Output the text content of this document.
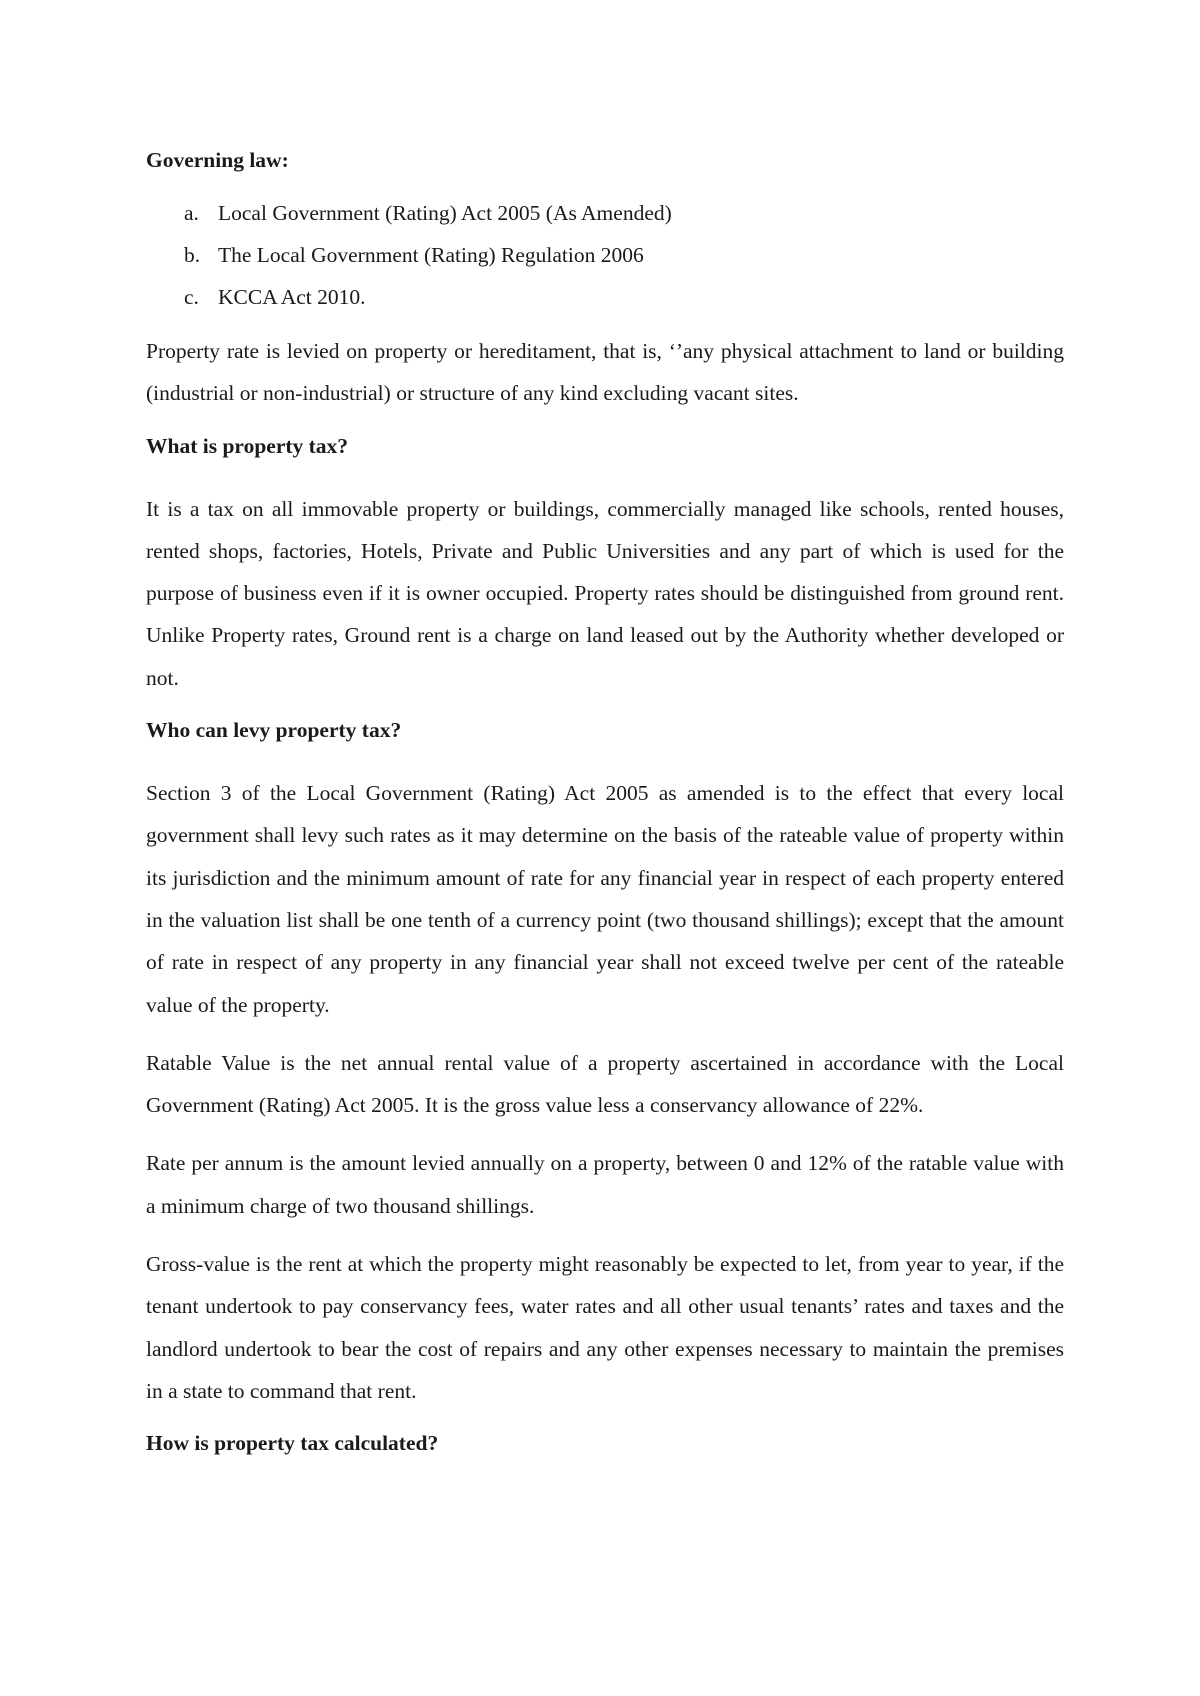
Governing law:
a. Local Government (Rating) Act 2005 (As Amended)
b. The Local Government (Rating) Regulation 2006
c. KCCA Act 2010.

Property rate is levied on property or hereditament, that is, ‘’any physical attachment to land or building (industrial or non-industrial) or structure of any kind excluding vacant sites.

What is property tax?

It is a tax on all immovable property or buildings, commercially managed like schools, rented houses, rented shops, factories, Hotels, Private and Public Universities and any part of which is used for the purpose of business even if it is owner occupied. Property rates should be distinguished from ground rent. Unlike Property rates, Ground rent is a charge on land leased out by the Authority whether developed or not.

Who can levy property tax?

Section 3 of the Local Government (Rating) Act 2005 as amended is to the effect that every local government shall levy such rates as it may determine on the basis of the rateable value of property within its jurisdiction and the minimum amount of rate for any financial year in respect of each property entered in the valuation list shall be one tenth of a currency point (two thousand shillings); except that the amount of rate in respect of any property in any financial year shall not exceed twelve per cent of the rateable value of the property.

Ratable Value is the net annual rental value of a property ascertained in accordance with the Local Government (Rating) Act 2005. It is the gross value less a conservancy allowance of 22%.

Rate per annum is the amount levied annually on a property, between 0 and 12% of the ratable value with a minimum charge of two thousand shillings.

Gross-value is the rent at which the property might reasonably be expected to let, from year to year, if the tenant undertook to pay conservancy fees, water rates and all other usual tenants’ rates and taxes and the landlord undertook to bear the cost of repairs and any other expenses necessary to maintain the premises in a state to command that rent.

How is property tax calculated?
